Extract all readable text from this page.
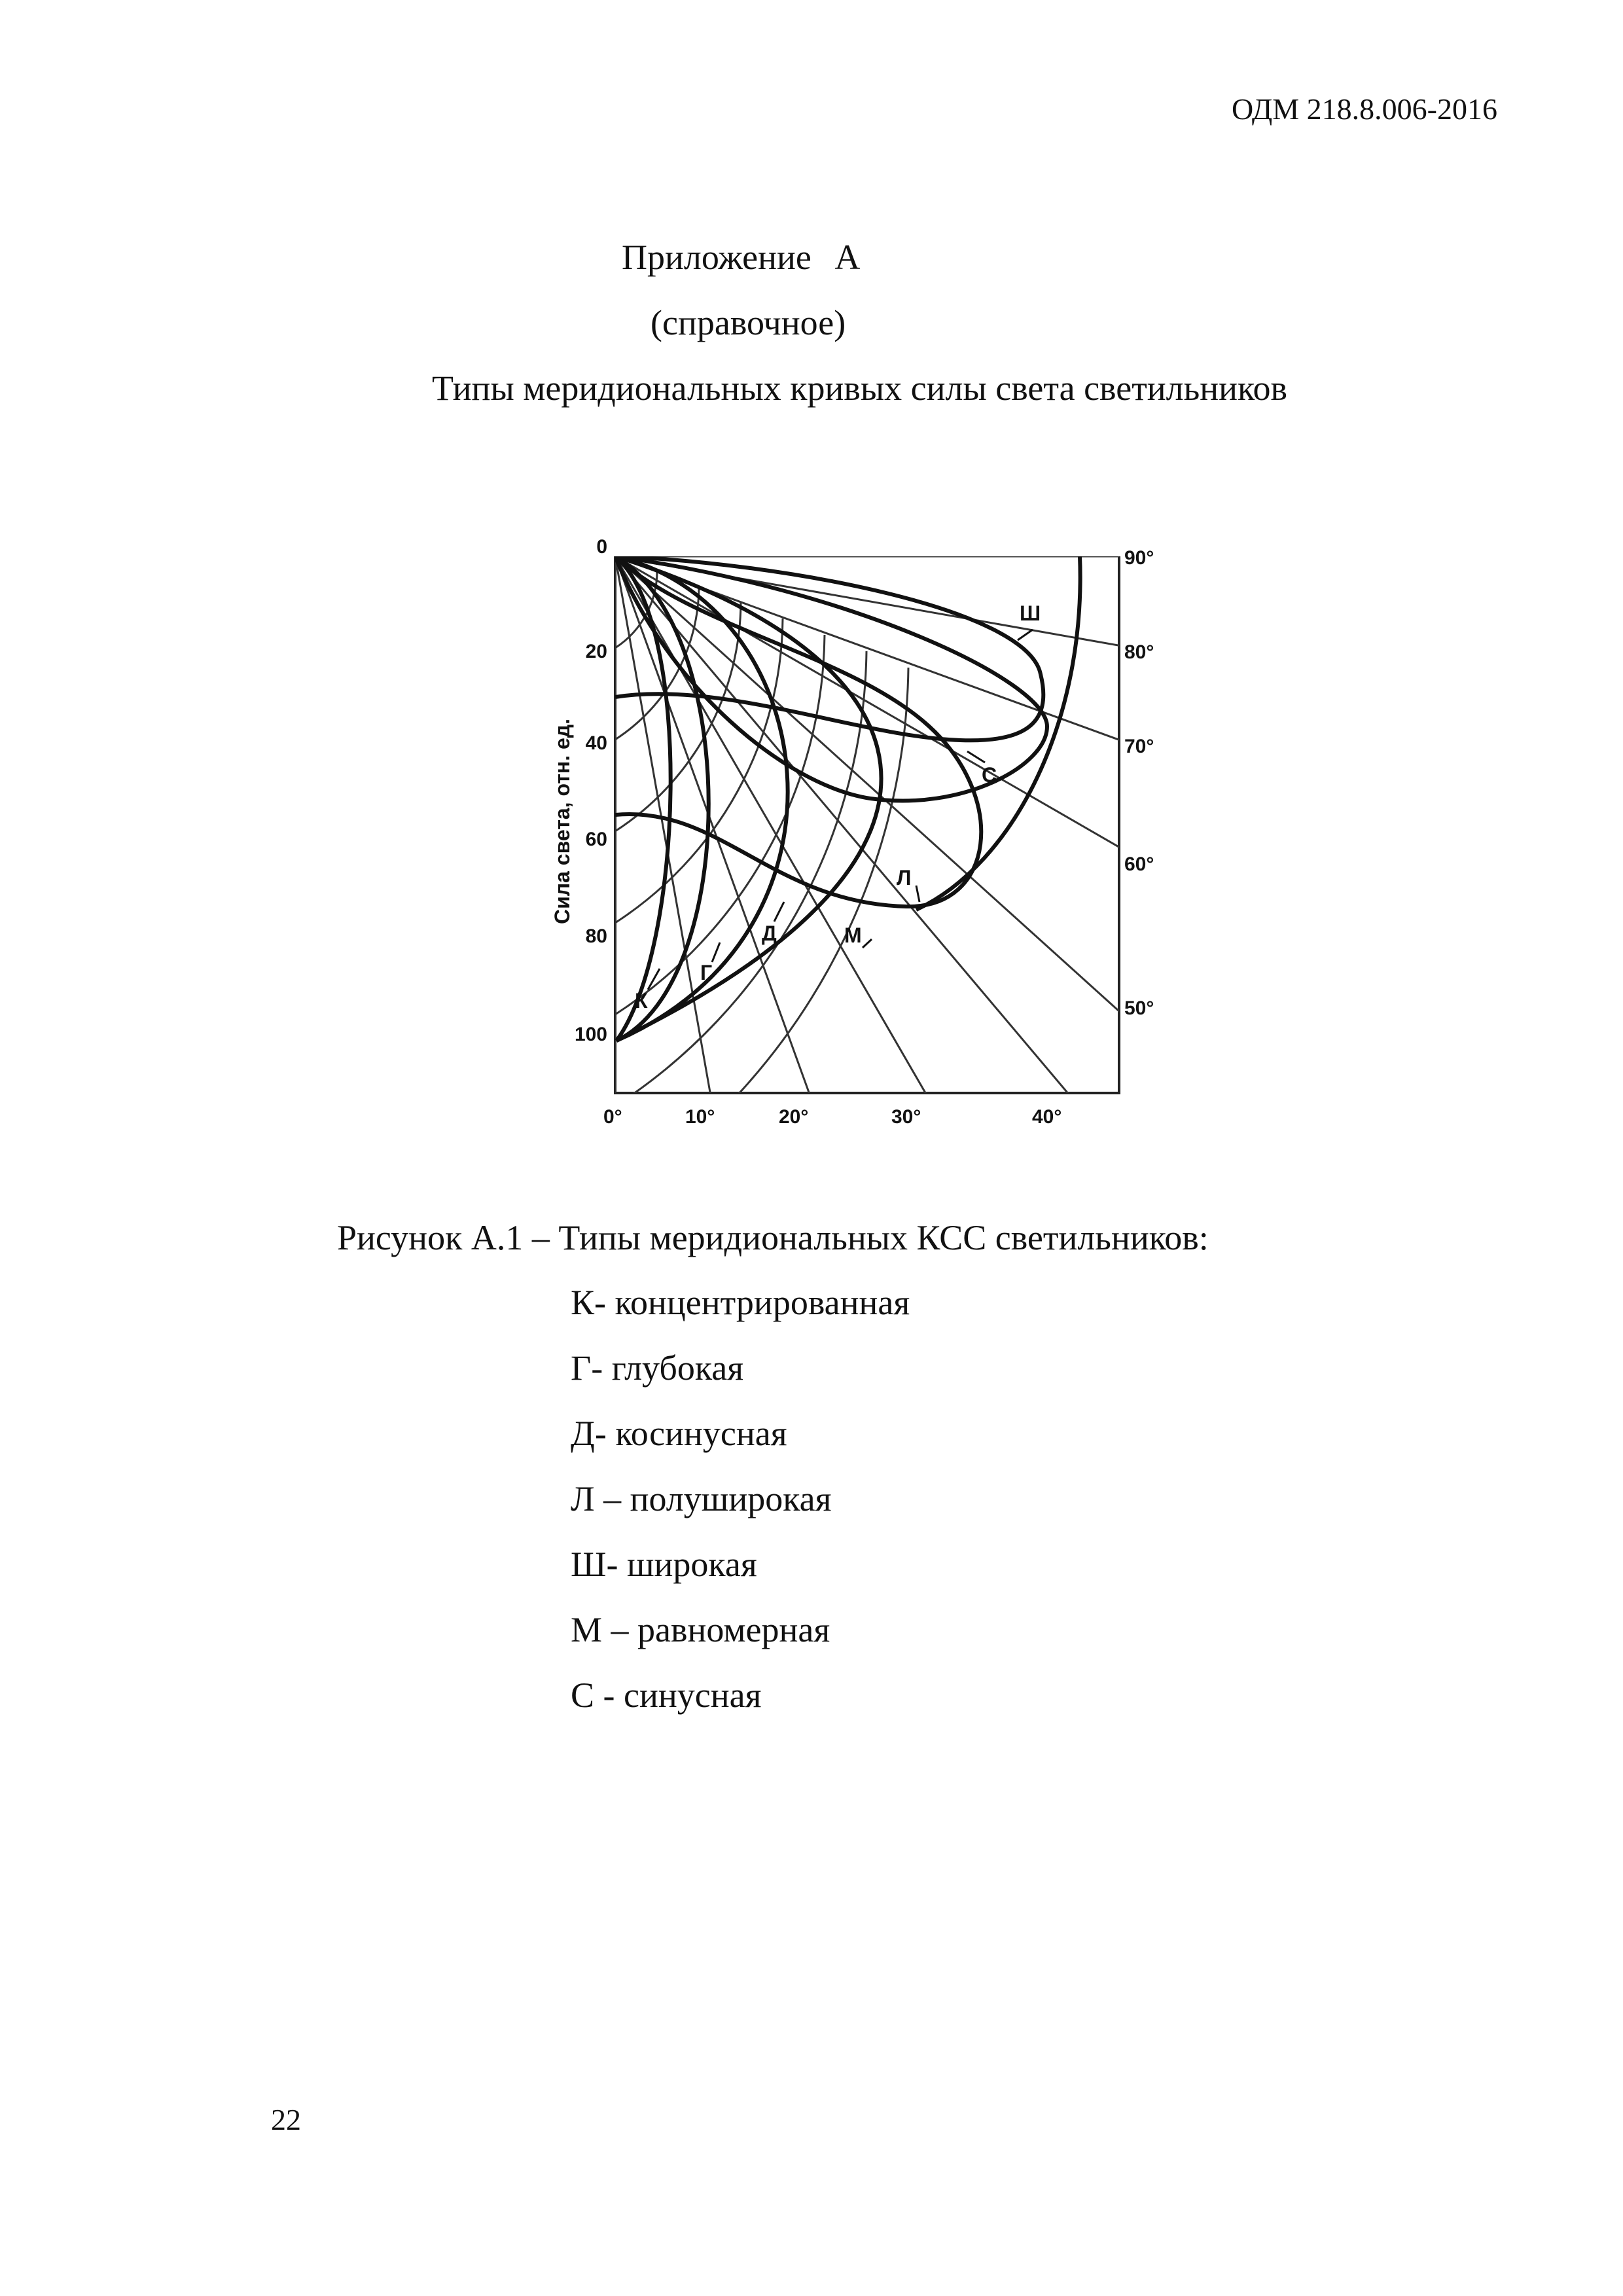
ОДМ 218.8.006-2016
Приложение А
(справочное)
Типы меридиональных кривых силы света светильников
0
20
40
60
80
100
0°	10°	20°	30°	40°
90°
80°
70°
60°
50°
Сила света, отн. ед.
Ш
С
Л
Д	М
Г
К
Рисунок А.1 – Типы меридиональных КСС светильников:
К- концентрированная
Г- глубокая
Д- косинусная
Л – полуширокая
Ш- широкая
М – равномерная
С - синусная
22
